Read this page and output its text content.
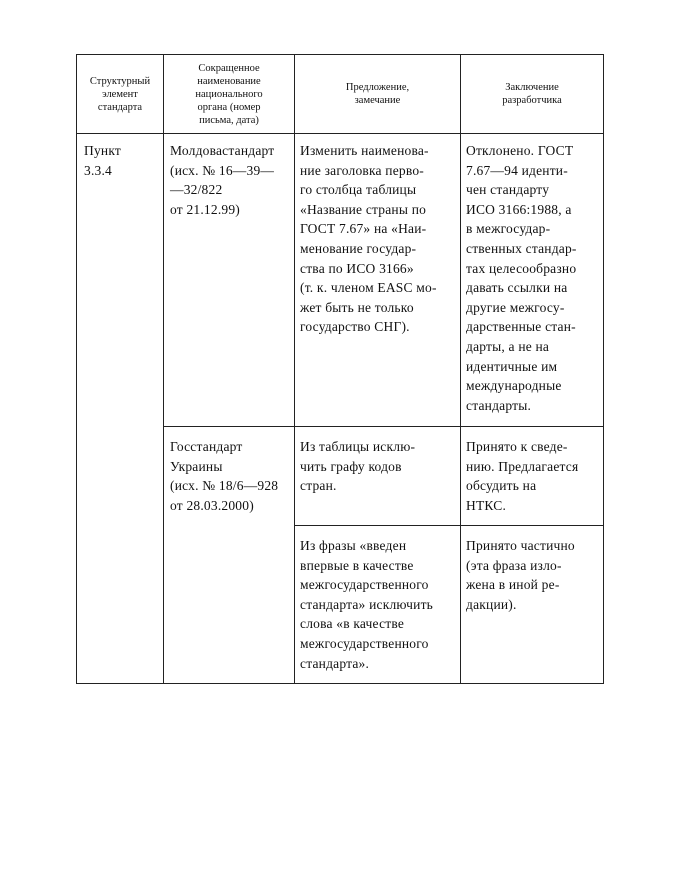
Структурный
элемент
стандарта
Сокращенное
наименование
национального
органа (номер
письма, дата)
Предложение,
замечание
Заключение
разработчика
Пункт
3.3.4
Молдовастандарт
(исх. № 16—39—
—32/822
от 21.12.99)
Изменить наименова-
ние заголовка перво-
го столбца таблицы
«Название страны по
ГОСТ 7.67» на «Наи-
менование государ-
ства по ИСО 3166»
(т. к. членом EASC мо-
жет быть не только
государство СНГ).
Отклонено. ГОСТ
7.67—94 иденти-
чен стандарту
ИСО 3166:1988, а
в межгосудар-
ственных стандар-
тах целесообразно
давать ссылки на
другие межгосу-
дарственные стан-
дарты, а не на
идентичные им
международные
стандарты.
Госстандарт
Украины
(исх. № 18/6—928
от 28.03.2000)
Из таблицы исклю-
чить графу кодов
стран.
Принято к сведе-
нию. Предлагается
обсудить на
НТКС.
Из фразы «введен
впервые в качестве
межгосударственного
стандарта» исключить
слова «в качестве
межгосударственного
стандарта».
Принято частично
(эта фраза изло-
жена в иной ре-
дакции).
